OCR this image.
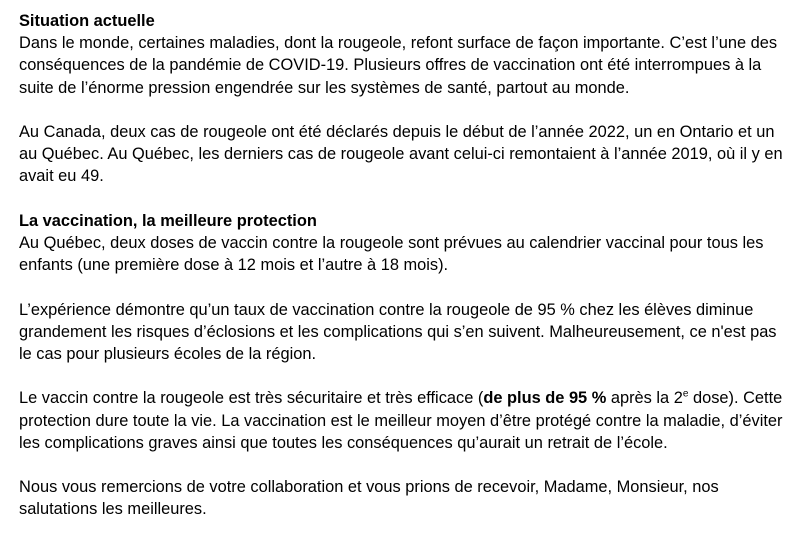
Situation actuelle

Dans le monde, certaines maladies, dont la rougeole, refont surface de façon importante. C’est l’une des conséquences de la pandémie de COVID-19. Plusieurs offres de vaccination ont été interrompues à la suite de l’énorme pression engendrée sur les systèmes de santé, partout au monde.

Au Canada, deux cas de rougeole ont été déclarés depuis le début de l’année 2022, un en Ontario et un au Québec. Au Québec, les derniers cas de rougeole avant celui-ci remontaient à l’année 2019, où il y en avait eu 49.

La vaccination, la meilleure protection

Au Québec, deux doses de vaccin contre la rougeole sont prévues au calendrier vaccinal pour tous les enfants (une première dose à 12 mois et l’autre à 18 mois).

L’expérience démontre qu’un taux de vaccination contre la rougeole de 95 % chez les élèves diminue grandement les risques d’éclosions et les complications qui s’en suivent. Malheureusement, ce n'est pas le cas pour plusieurs écoles de la région.

Le vaccin contre la rougeole est très sécuritaire et très efficace (de plus de 95 % après la 2e dose). Cette protection dure toute la vie. La vaccination est le meilleur moyen d’être protégé contre la maladie, d’éviter les complications graves ainsi que toutes les conséquences qu’aurait un retrait de l’école.

Nous vous remercions de votre collaboration et vous prions de recevoir, Madame, Monsieur, nos salutations les meilleures.
